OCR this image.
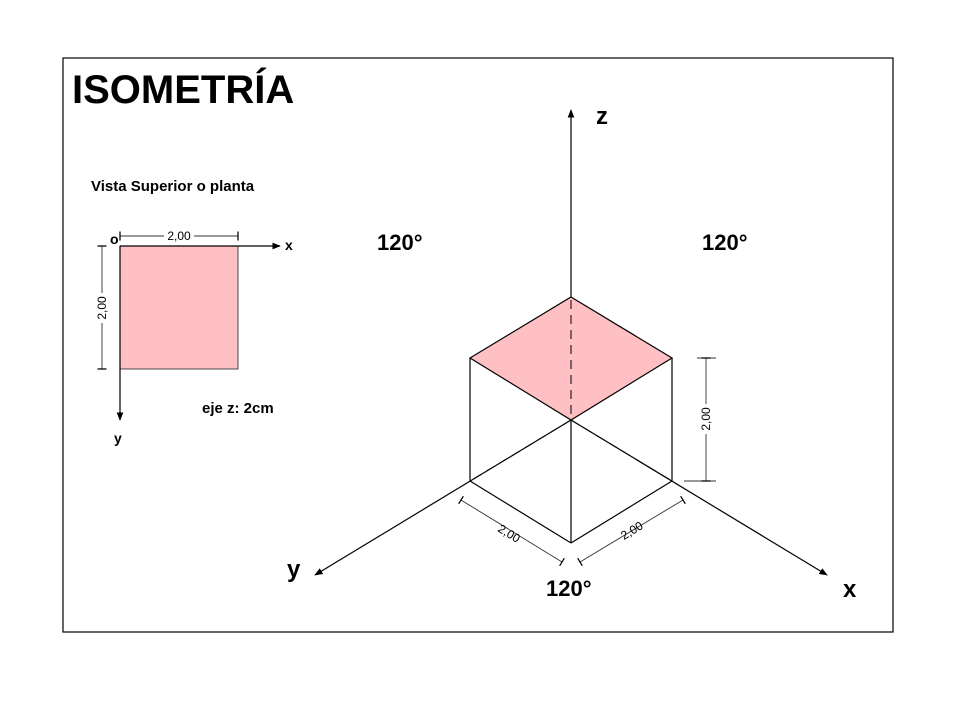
ISOMETRÍA
Vista Superior o planta
o	x
y
2,00
2,00
eje z: 2cm
z
x
y
120°	120°
120°
2,00	2,00
2,00
